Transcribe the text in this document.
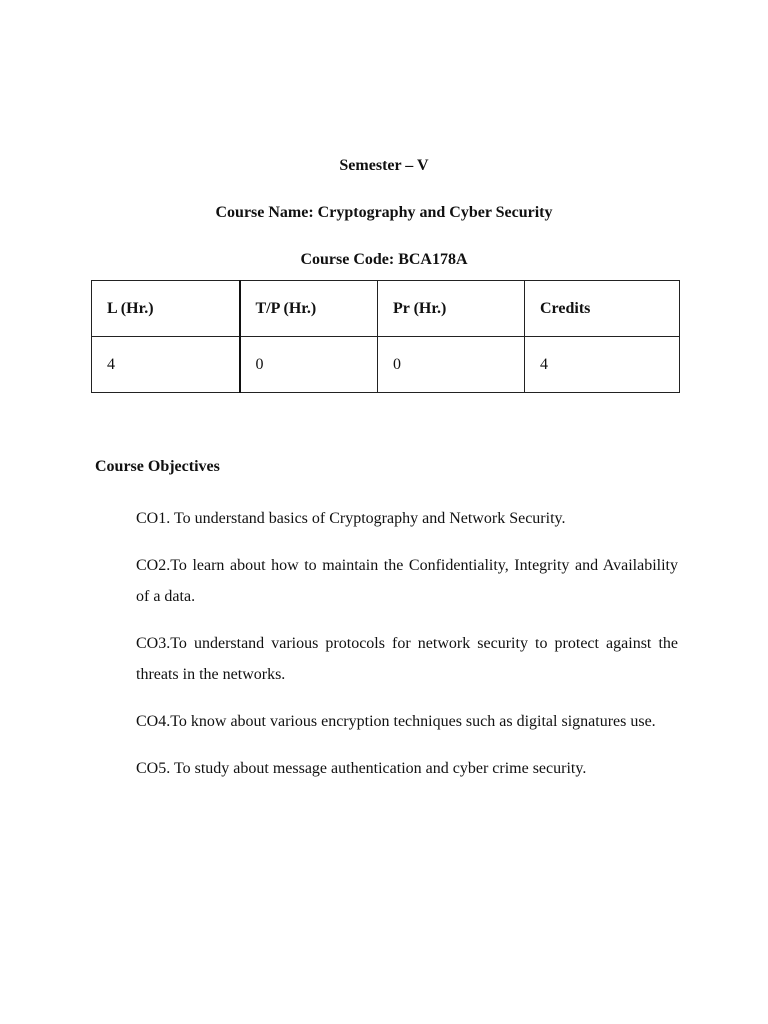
Semester – V
Course Name: Cryptography and Cyber Security
Course Code: BCA178A
L (Hr.)	T/P (Hr.)	Pr (Hr.)	Credits
4	0	0	4
Course Objectives
CO1. To understand basics of Cryptography and Network Security.
CO2.To learn about how to maintain the Confidentiality, Integrity and Availability of a data.
CO3.To understand various protocols for network security to protect against the threats in the networks.
CO4.To know about various encryption techniques such as digital signatures use.
CO5. To study about message authentication and cyber crime security.
